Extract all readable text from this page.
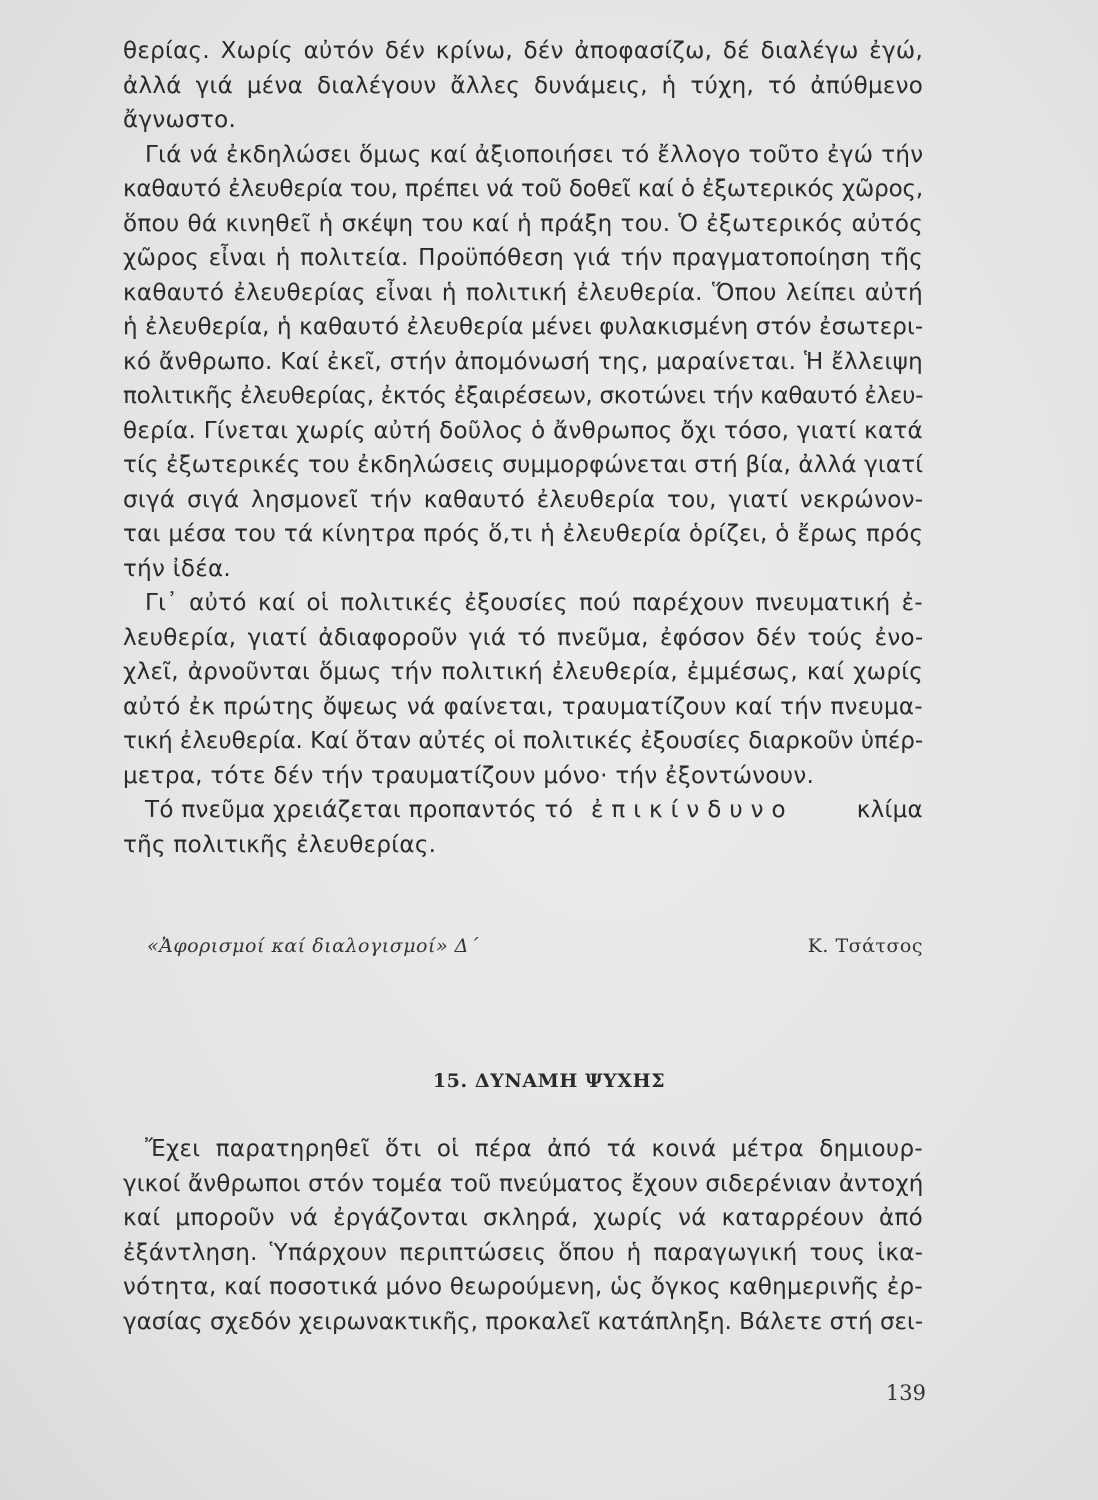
θερίας. Χωρίς αὐτόν δέν κρίνω, δέν ἀποφασίζω, δέ διαλέγω ἐγώ,
ἀλλά γιά μένα διαλέγουν ἄλλες δυνάμεις, ἡ τύχη, τό ἀπύθμενο
ἄγνωστο.
Γιά νά ἐκδηλώσει ὅμως καί ἀξιοποιήσει τό ἔλλογο τοῦτο ἐγώ τήν
καθαυτό ἐλευθερία του, πρέπει νά τοῦ δοθεῖ καί ὁ ἐξωτερικός χῶρος,
ὅπου θά κινηθεῖ ἡ σκέψη του καί ἡ πράξη του. Ὁ ἐξωτερικός αὐτός
χῶρος εἶναι ἡ πολιτεία. Προϋπόθεση γιά τήν πραγματοποίηση τῆς
καθαυτό ἐλευθερίας εἶναι ἡ πολιτική ἐλευθερία. Ὅπου λείπει αὐτή
ἡ ἐλευθερία, ἡ καθαυτό ἐλευθερία μένει φυλακισμένη στόν ἐσωτερι-
κό ἄνθρωπο. Καί ἐκεῖ, στήν ἀπομόνωσή της, μαραίνεται. Ἡ ἔλλειψη
πολιτικῆς ἐλευθερίας, ἐκτός ἐξαιρέσεων, σκοτώνει τήν καθαυτό ἐλευ-
θερία. Γίνεται χωρίς αὐτή δοῦλος ὁ ἄνθρωπος ὄχι τόσο, γιατί κατά
τίς ἐξωτερικές του ἐκδηλώσεις συμμορφώνεται στή βία, ἀλλά γιατί
σιγά σιγά λησμονεῖ τήν καθαυτό ἐλευθερία του, γιατί νεκρώνον-
ται μέσα του τά κίνητρα πρός ὅ,τι ἡ ἐλευθερία ὁρίζει, ὁ ἔρως πρός
τήν ἰδέα.
Γι᾽ αὐτό καί οἱ πολιτικές ἐξουσίες πού παρέχουν πνευματική ἐ-
λευθερία, γιατί ἀδιαφοροῦν γιά τό πνεῦμα, ἐφόσον δέν τούς ἐνο-
χλεῖ, ἀρνοῦνται ὅμως τήν πολιτική ἐλευθερία, ἐμμέσως, καί χωρίς
αὐτό ἐκ πρώτης ὄψεως νά φαίνεται, τραυματίζουν καί τήν πνευμα-
τική ἐλευθερία. Καί ὅταν αὐτές οἱ πολιτικές ἐξουσίες διαρκοῦν ὑπέρ-
μετρα, τότε δέν τήν τραυματίζουν μόνο· τήν ἐξοντώνουν.
Τό πνεῦμα χρειάζεται προπαντός τό ἐπικίνδυνο	κλίμα
τῆς πολιτικῆς ἐλευθερίας.
«Ἀφορισμοί καί διαλογισμοί» Δ΄	Κ. Τσάτσος
15. ΔΥΝΑΜΗ ΨΥΧΗΣ
Ἔχει παρατηρηθεῖ ὅτι οἱ πέρα ἀπό τά κοινά μέτρα δημιουρ-
γικοί ἄνθρωποι στόν τομέα τοῦ πνεύματος ἔχουν σιδερένιαν ἀντοχή
καί μποροῦν νά ἐργάζονται σκληρά, χωρίς νά καταρρέουν ἀπό
ἐξάντληση. Ὑπάρχουν περιπτώσεις ὅπου ἡ παραγωγική τους ἱκα-
νότητα, καί ποσοτικά μόνο θεωρούμενη, ὡς ὄγκος καθημερινῆς ἐρ-
γασίας σχεδόν χειρωνακτικῆς, προκαλεῖ κατάπληξη. Βάλετε στή σει-
139
